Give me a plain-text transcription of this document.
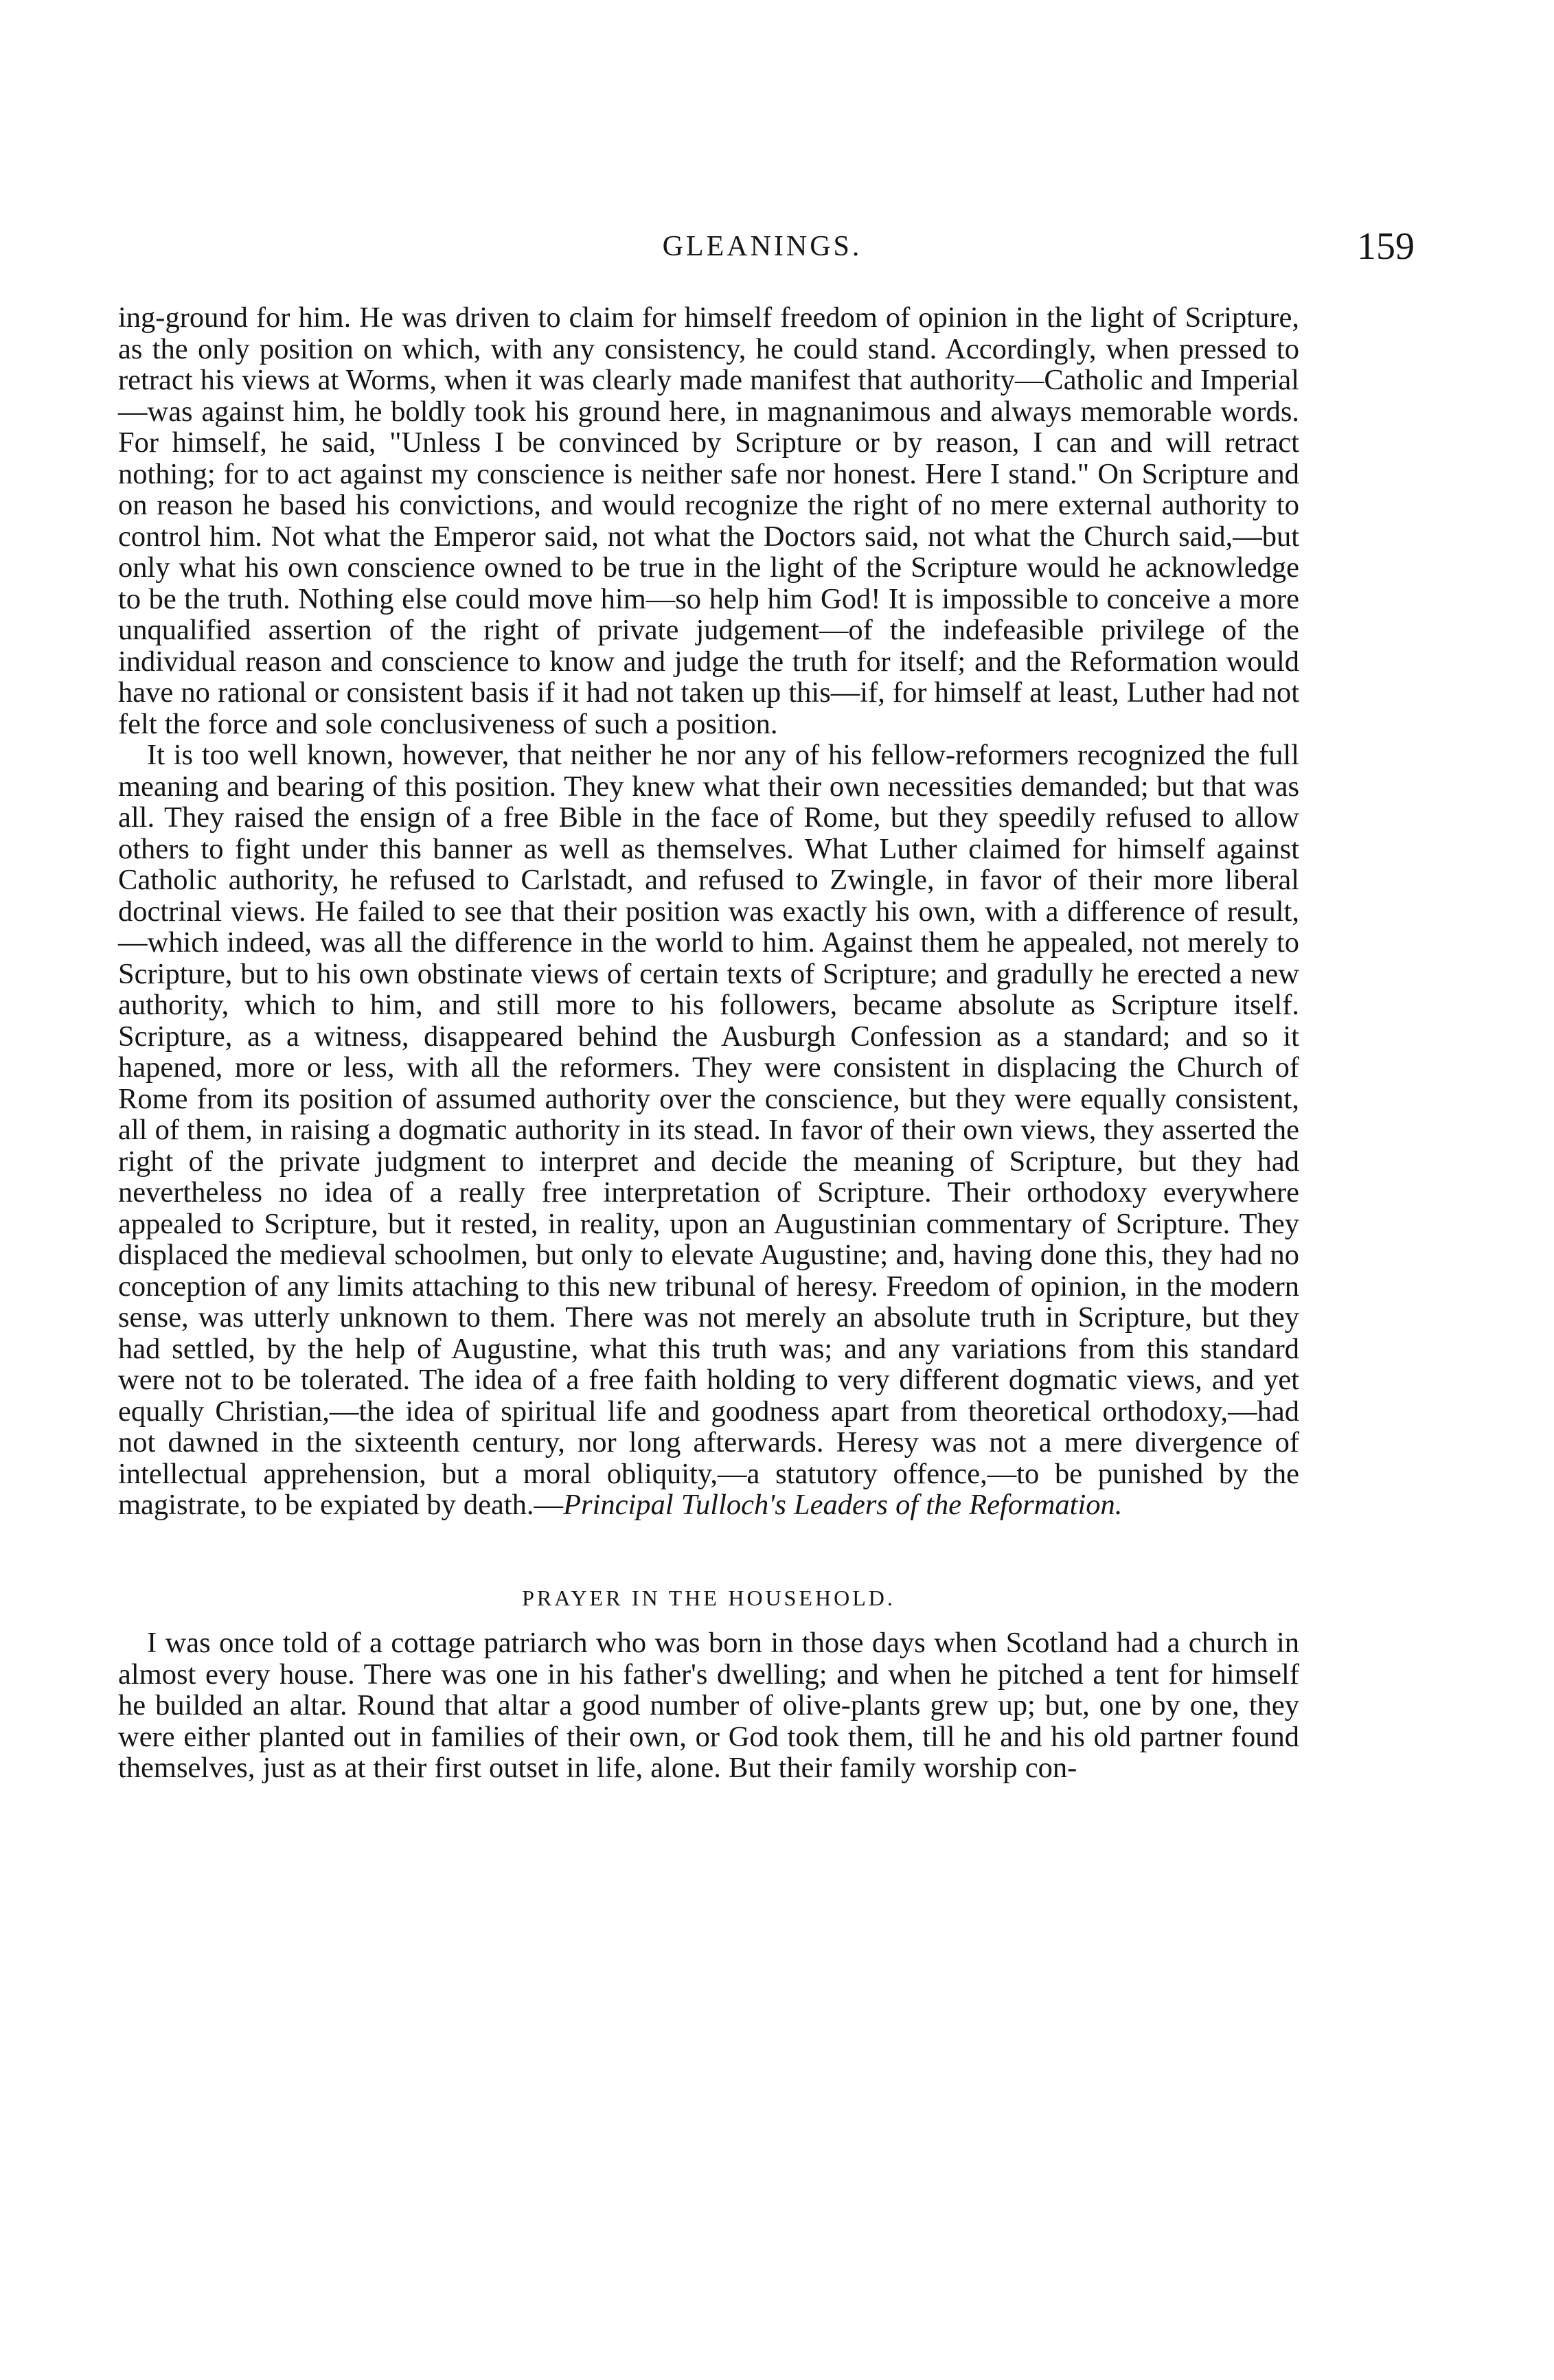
GLEANINGS.	159

ing-ground for him. He was driven to claim for himself freedom of opinion in the light of Scripture, as the only position on which, with any consistency, he could stand. Accordingly, when pressed to retract his views at Worms, when it was clearly made manifest that authority—Catholic and Imperial—was against him, he boldly took his ground here, in magnanimous and always memorable words. For himself, he said, "Unless I be convinced by Scripture or by reason, I can and will retract nothing; for to act against my conscience is neither safe nor honest. Here I stand." On Scripture and on reason he based his convictions, and would recognize the right of no mere external authority to control him. Not what the Emperor said, not what the Doctors said, not what the Church said,—but only what his own conscience owned to be true in the light of the Scripture would he acknowledge to be the truth. Nothing else could move him—so help him God! It is impossible to conceive a more unqualified assertion of the right of private judgement—of the indefeasible privilege of the individual reason and conscience to know and judge the truth for itself; and the Reformation would have no rational or consistent basis if it had not taken up this—if, for himself at least, Luther had not felt the force and sole conclusiveness of such a position.

It is too well known, however, that neither he nor any of his fellow-reformers recognized the full meaning and bearing of this position. They knew what their own necessities demanded; but that was all. They raised the ensign of a free Bible in the face of Rome, but they speedily refused to allow others to fight under this banner as well as themselves. What Luther claimed for himself against Catholic authority, he refused to Carlstadt, and refused to Zwingle, in favor of their more liberal doctrinal views. He failed to see that their position was exactly his own, with a difference of result,—which indeed, was all the difference in the world to him. Against them he appealed, not merely to Scripture, but to his own obstinate views of certain texts of Scripture; and gradully he erected a new authority, which to him, and still more to his followers, became absolute as Scripture itself. Scripture, as a witness, disappeared behind the Ausburgh Confession as a standard; and so it hapened, more or less, with all the reformers. They were consistent in displacing the Church of Rome from its position of assumed authority over the conscience, but they were equally consistent, all of them, in raising a dogmatic authority in its stead. In favor of their own views, they asserted the right of the private judgment to interpret and decide the meaning of Scripture, but they had nevertheless no idea of a really free interpretation of Scripture. Their orthodoxy everywhere appealed to Scripture, but it rested, in reality, upon an Augustinian commentary of Scripture. They displaced the medieval schoolmen, but only to elevate Augustine; and, having done this, they had no conception of any limits attaching to this new tribunal of heresy. Freedom of opinion, in the modern sense, was utterly unknown to them. There was not merely an absolute truth in Scripture, but they had settled, by the help of Augustine, what this truth was; and any variations from this standard were not to be tolerated. The idea of a free faith holding to very different dogmatic views, and yet equally Christian,—the idea of spiritual life and goodness apart from theoretical orthodoxy,—had not dawned in the sixteenth century, nor long afterwards. Heresy was not a mere divergence of intellectual apprehension, but a moral obliquity,—a statutory offence,—to be punished by the magistrate, to be expiated by death.—Principal Tulloch's Leaders of the Reformation.

PRAYER IN THE HOUSEHOLD.

I was once told of a cottage patriarch who was born in those days when Scotland had a church in almost every house. There was one in his father's dwelling; and when he pitched a tent for himself he builded an altar. Round that altar a good number of olive-plants grew up; but, one by one, they were either planted out in families of their own, or God took them, till he and his old partner found themselves, just as at their first outset in life, alone. But their family worship con-
